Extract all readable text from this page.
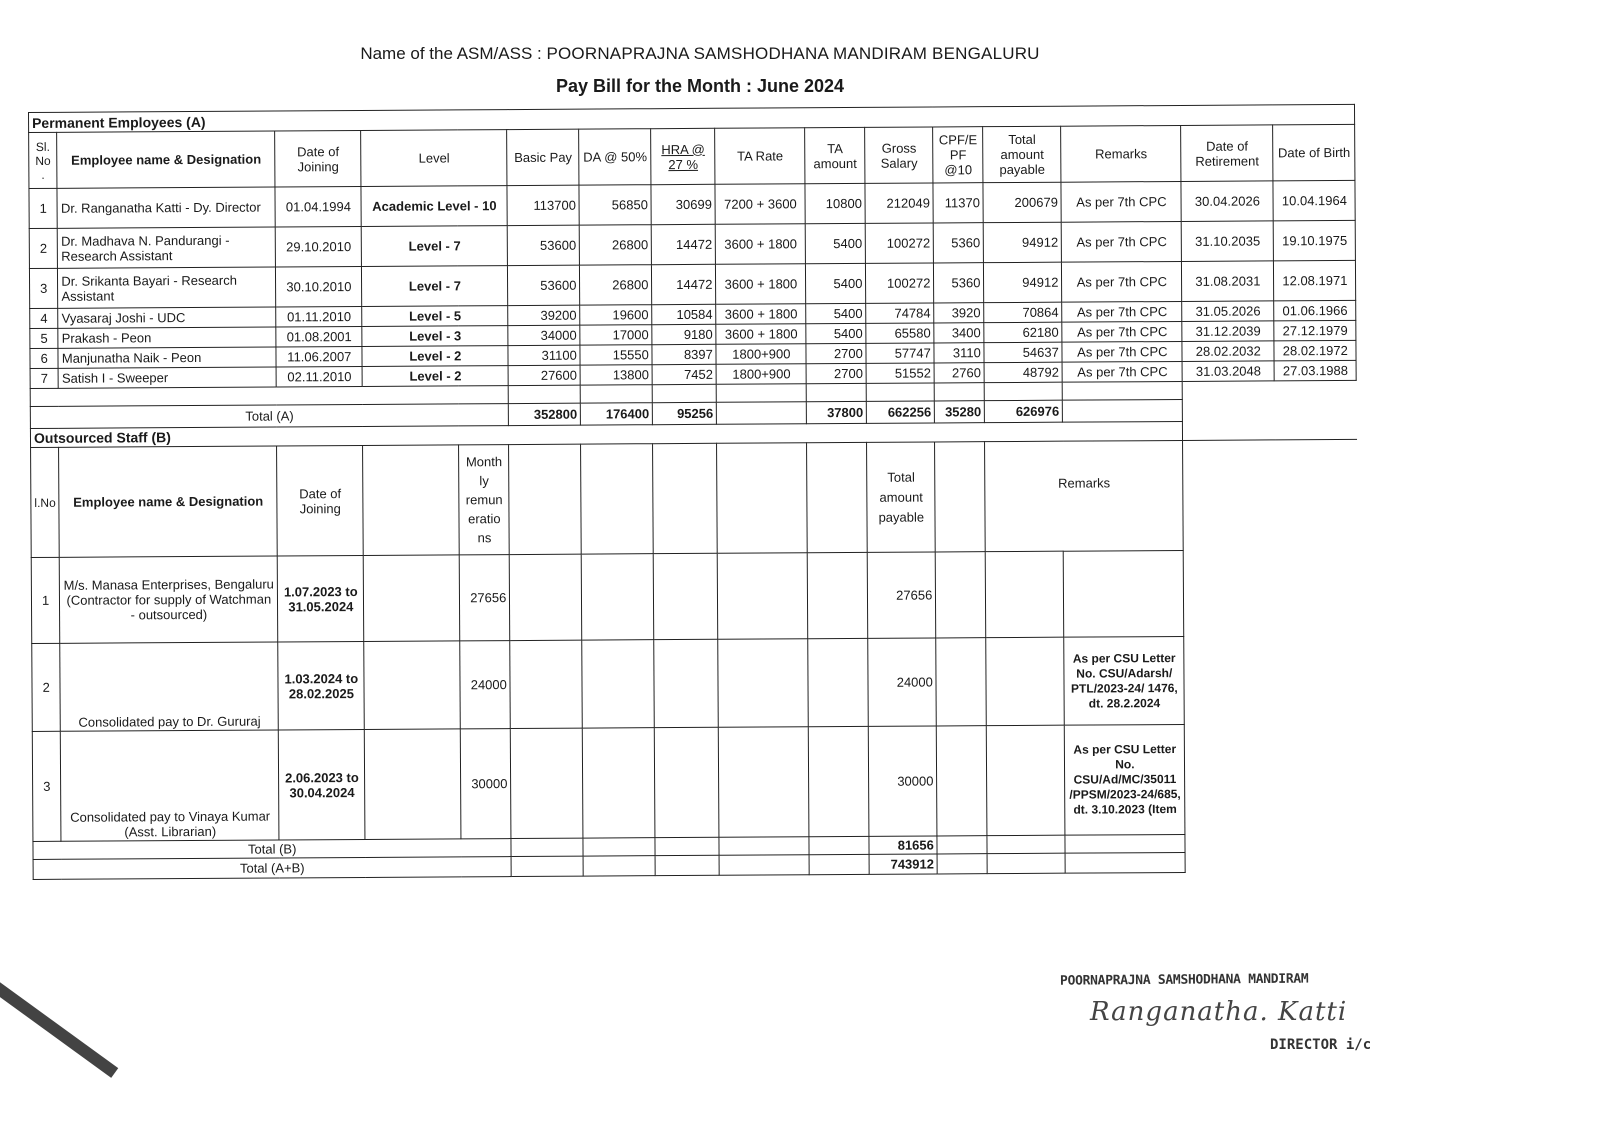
Name of the ASM/ASS : POORNAPRAJNA SAMSHODHANA MANDIRAM BENGALURU
Pay Bill for the Month : June 2024
Permanent Employees (A)															
Sl. No .	Employee name & Designation	Date of Joining	Level		Basic Pay	DA @ 50%	HRA @ 27 %	TA Rate	TA amount	Gross Salary	CPF/E PF @10	Total amount payable	Remarks	Date of Retirement	Date of Birth
1	Dr. Ranganatha Katti - Dy. Director	01.04.1994	Academic Level - 10		113700	56850	30699	7200 + 3600	10800	212049	11370	200679	As per 7th CPC	30.04.2026	10.04.1964
2	Dr. Madhava N. Pandurangi - Research Assistant	29.10.2010	Level - 7		53600	26800	14472	3600 + 1800	5400	100272	5360	94912	As per 7th CPC	31.10.2035	19.10.1975
3	Dr. Srikanta Bayari - Research Assistant	30.10.2010	Level - 7		53600	26800	14472	3600 + 1800	5400	100272	5360	94912	As per 7th CPC	31.08.2031	12.08.1971
4	Vyasaraj Joshi - UDC	01.11.2010	Level - 5		39200	19600	10584	3600 + 1800	5400	74784	3920	70864	As per 7th CPC	31.05.2026	01.06.1966
5	Prakash - Peon	01.08.2001	Level - 3		34000	17000	9180	3600 + 1800	5400	65580	3400	62180	As per 7th CPC	31.12.2039	27.12.1979
6	Manjunatha Naik - Peon	11.06.2007	Level - 2		31100	15550	8397	1800+900	2700	57747	3110	54637	As per 7th CPC	28.02.2032	28.02.1972
7	Satish I - Sweeper	02.11.2010	Level - 2		27600	13800	7452	1800+900	2700	51552	2760	48792	As per 7th CPC	31.03.2048	27.03.1988

Total (A)					352800	176400	95256		37800	662256	35280	626976			
Outsourced Staff (B)															
l.No	Employee name & Designation	Date of Joining		Month ly remun eratio ns						Total amount payable		Remarks			
1	M/s. Manasa Enterprises, Bengaluru (Contractor for supply of Watchman - outsourced)	1.07.2023 to 31.05.2024		27656						27656					
2	Consolidated pay to Dr. Gururaj	1.03.2024 to 28.02.2025		24000						24000			As per CSU Letter No. CSU/Adarsh/ PTL/2023-24/ 1476, dt. 28.2.2024		
3	Consolidated pay to Vinaya Kumar (Asst. Librarian)	2.06.2023 to 30.04.2024		30000						30000			As per CSU Letter No. CSU/Ad/MC/35011 /PPSM/2023-24/685, dt. 3.10.2023 (Item		
Total (B)										81656					
Total (A+B)										743912					
POORNAPRAJNA SAMSHODHANA MANDIRAM
Ranganatha. Katti
DIRECTOR i/c
